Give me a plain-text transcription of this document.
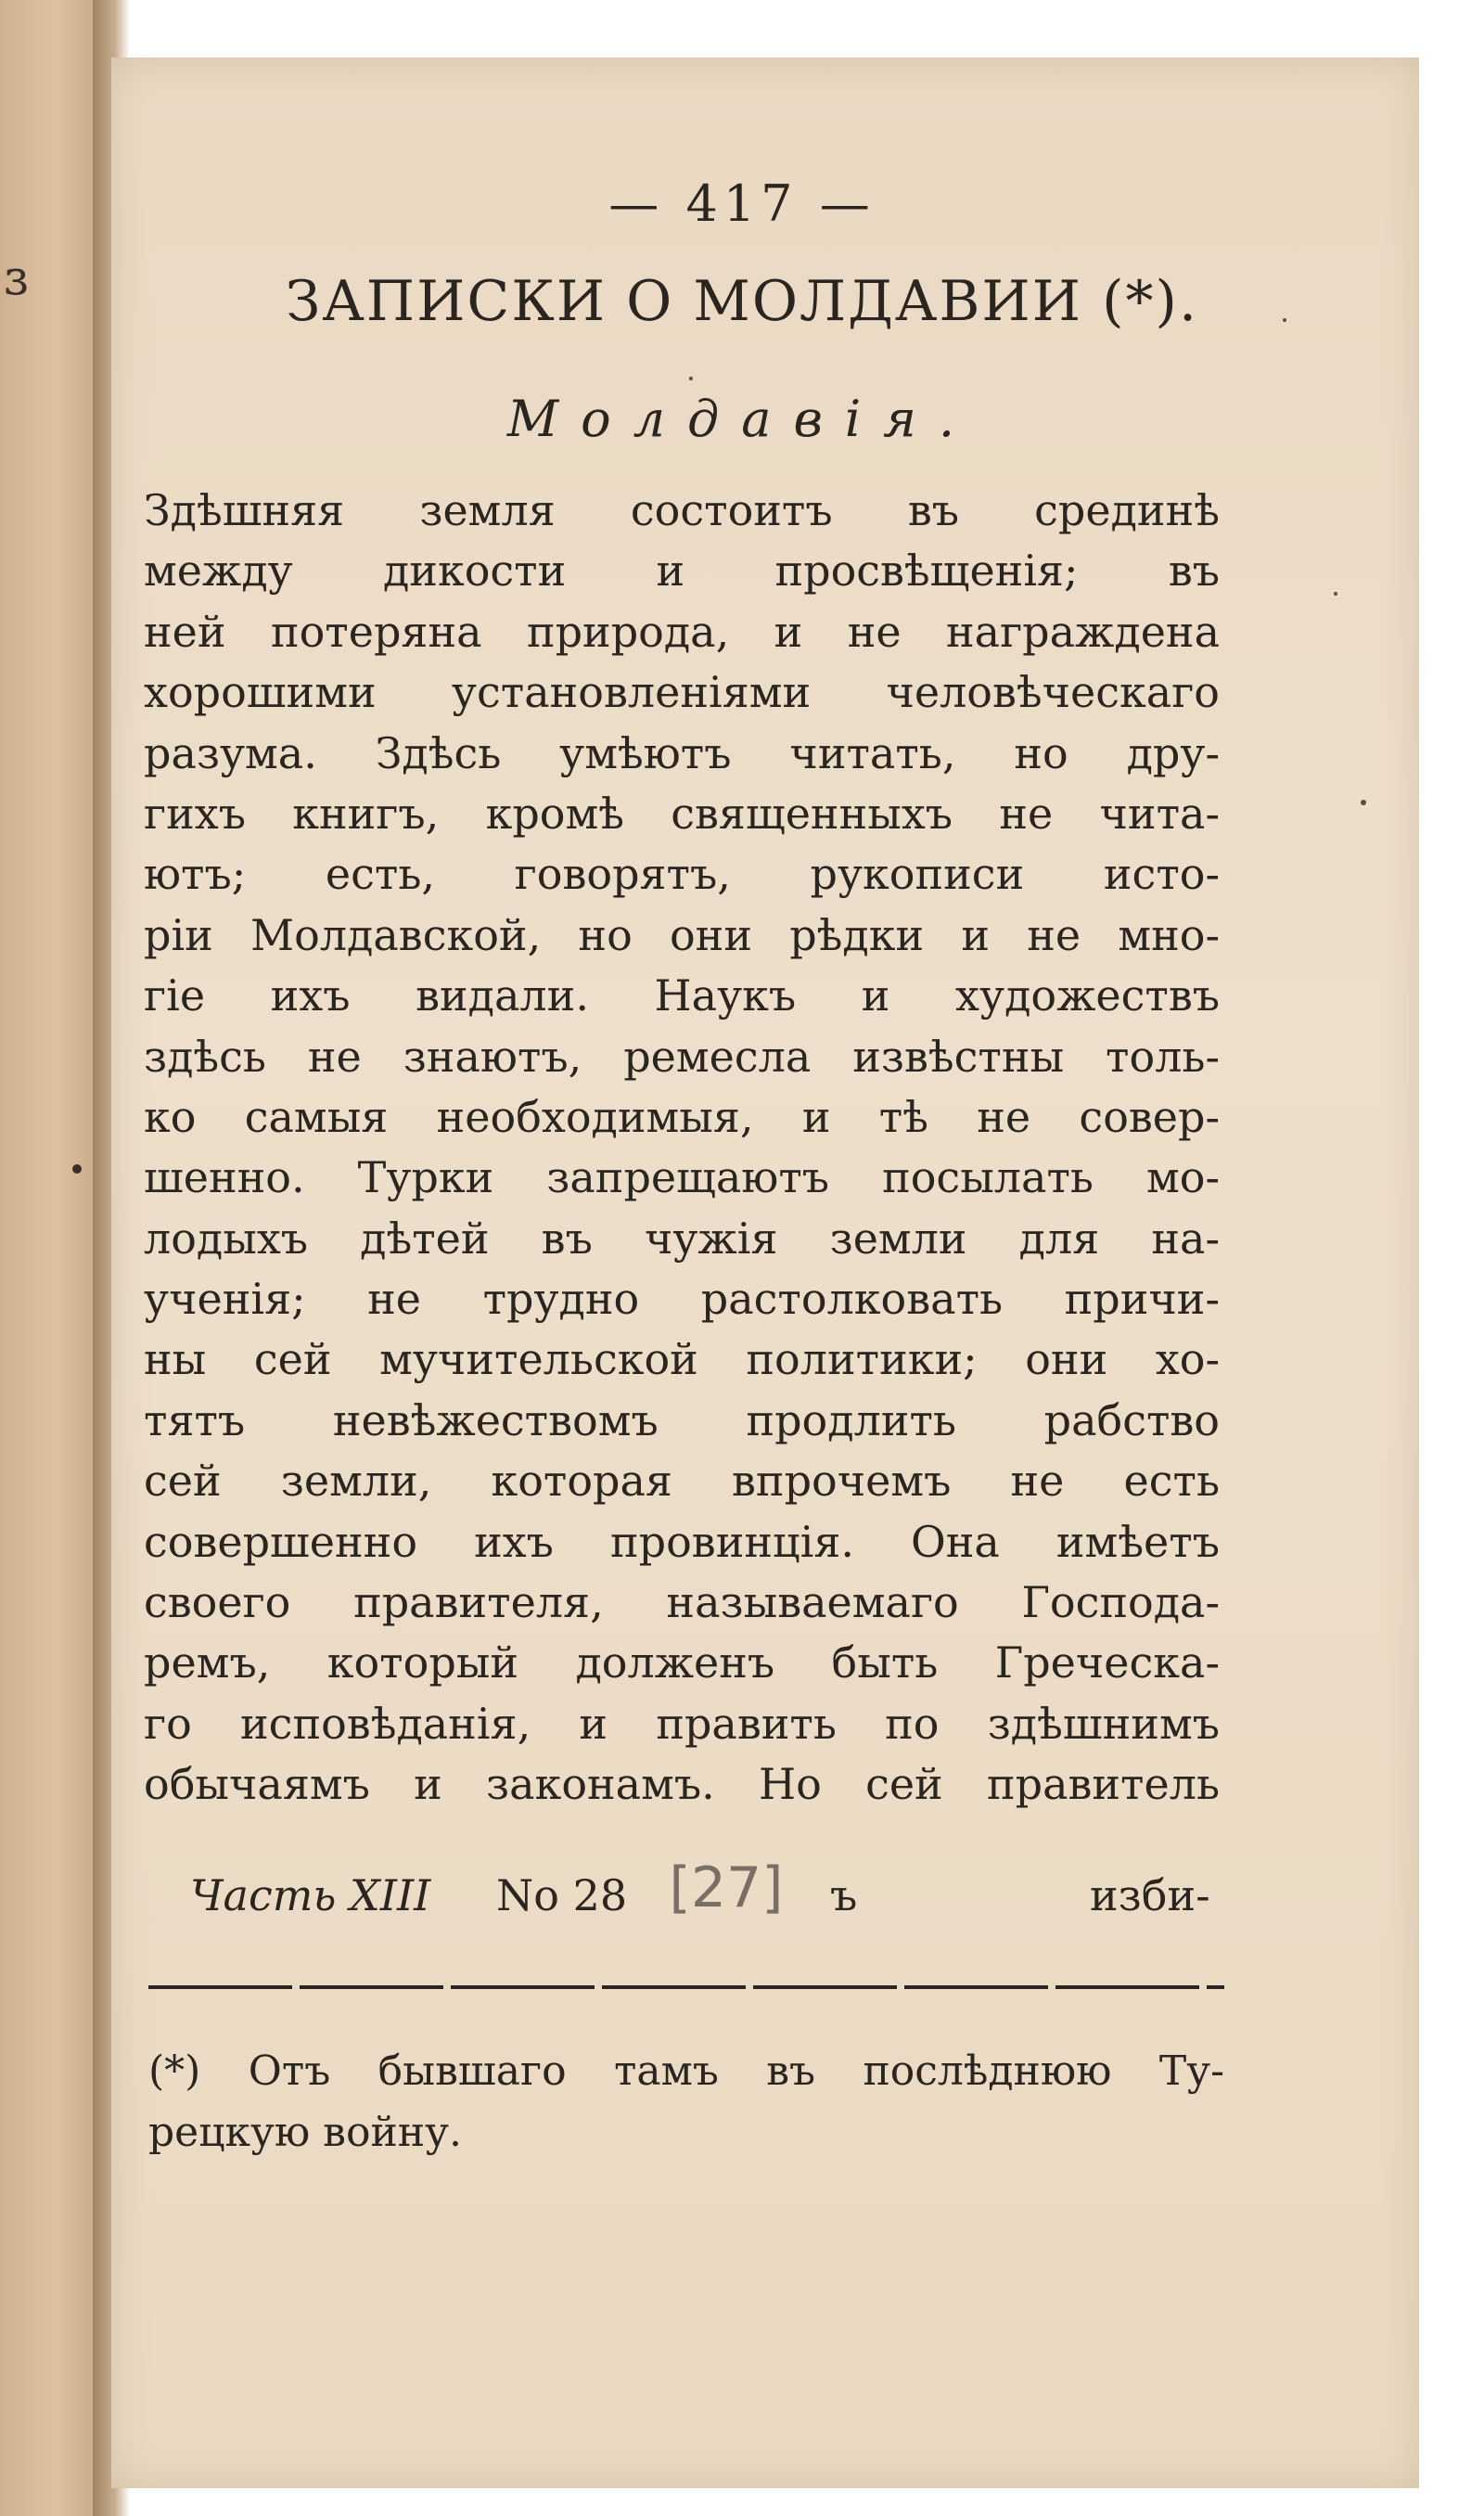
ɜ
— 417 —
ЗАПИСКИ О МОЛДАВИИ (*).
Молдавія.
Здѣшняя земля состоитъ въ срединѣ
между дикости и просвѣщенія; въ
ней потеряна природа, и не награждена
хорошими установленіями человѣческаго
разума. Здѣсь умѣютъ читать, но дру-
гихъ книгъ, кромѣ священныхъ не чита-
ютъ; есть, говорятъ, рукописи исто-
ріи Молдавской, но они рѣдки и не мно-
гіе ихъ видали. Наукъ и художествъ
здѣсь не знаютъ, ремесла извѣстны толь-
ко самыя необходимыя, и тѣ не совер-
шенно. Турки запрещаютъ посылать мо-
лодыхъ дѣтей въ чужія земли для на-
ученія; не трудно растолковать причи-
ны сей мучительской политики; они хо-
тятъ невѣжествомъ продлить рабство
сей земли, которая впрочемъ не есть
совершенно ихъ провинція. Она имѣетъ
своего правителя, называемаго Господа-
ремъ, который долженъ быть Греческа-
го исповѣданія, и править по здѣшнимъ
обычаямъ и законамъ. Но сей правитель
Часть XIII No 28	ъ	изби-
[27]
(*) Отъ бывшаго тамъ въ послѣднюю Ту-
рецкую войну.
